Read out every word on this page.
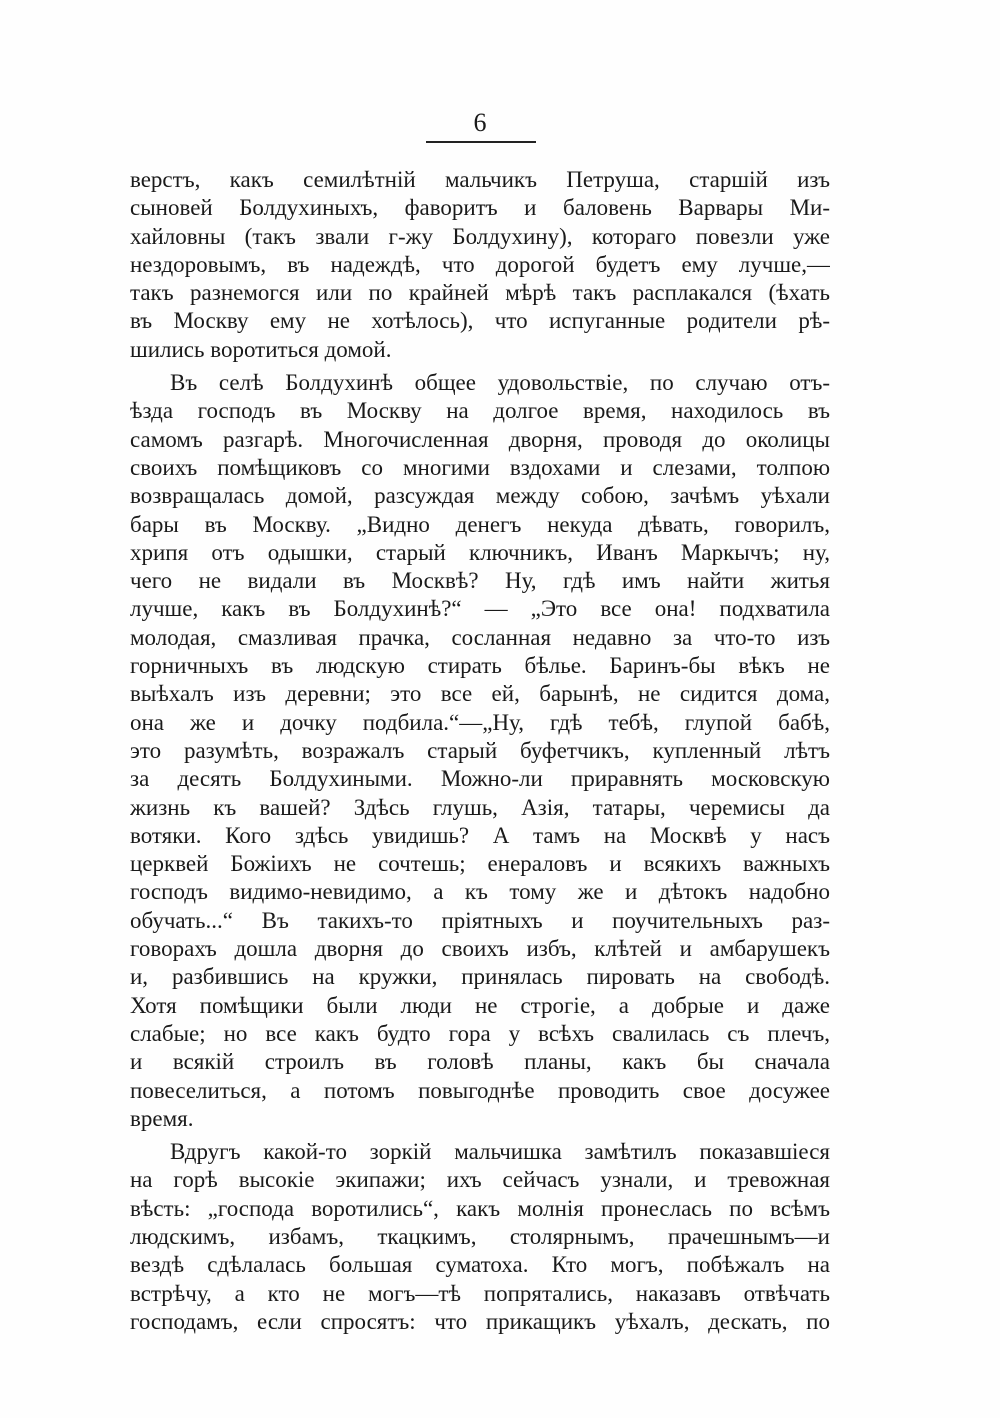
6
верстъ, какъ семилѣтній мальчикъ Петруша, старшій изъ
сыновей Болдухиныхъ, фаворитъ и баловень Варвары Ми-
хайловны (такъ звали г-жу Болдухину), котораго повезли уже
нездоровымъ, въ надеждѣ, что дорогой будетъ ему лучше,—
такъ разнемогся или по крайней мѣрѣ такъ расплакался (ѣхать
въ Москву ему не хотѣлось), что испуганные родители рѣ-
шились воротиться домой.
Въ селѣ Болдухинѣ общее удовольствіе, по случаю отъ-
ѣзда господъ въ Москву на долгое время, находилось въ
самомъ разгарѣ. Многочисленная дворня, проводя до околицы
своихъ помѣщиковъ со многими вздохами и слезами, толпою
возвращалась домой, разсуждая между собою, зачѣмъ уѣхали
бары въ Москву. „Видно денегъ некуда дѣвать, говорилъ,
хрипя отъ одышки, старый ключникъ, Иванъ Маркычъ; ну,
чего не видали въ Москвѣ? Ну, гдѣ имъ найти житья
лучше, какъ въ Болдухинѣ?“ — „Это все она! подхватила
молодая, смазливая прачка, сосланная недавно за что-то изъ
горничныхъ въ людскую стирать бѣлье. Баринъ-бы вѣкъ не
выѣхалъ изъ деревни; это все ей, барынѣ, не сидится дома,
она же и дочку подбила.“—„Ну, гдѣ тебѣ, глупой бабѣ,
это разумѣть, возражалъ старый буфетчикъ, купленный лѣтъ
за десять Болдухиными. Можно-ли приравнять московскую
жизнь къ вашей? Здѣсь глушь, Азія, татары, черемисы да
вотяки. Кого здѣсь увидишь? А тамъ на Москвѣ у насъ
церквей Божіихъ не сочтешь; енераловъ и всякихъ важныхъ
господъ видимо-невидимо, а къ тому же и дѣтокъ надобно
обучать...“ Въ такихъ-то пріятныхъ и поучительныхъ раз-
говорахъ дошла дворня до своихъ избъ, клѣтей и амбарушекъ
и, разбившись на кружки, принялась пировать на свободѣ.
Хотя помѣщики были люди не строгіе, а добрые и даже
слабые; но все какъ будто гора у всѣхъ свалилась съ плечъ,
и всякій строилъ въ головѣ планы, какъ бы сначала
повеселиться, а потомъ повыгоднѣе проводить свое досужее
время.
Вдругъ какой-то зоркій мальчишка замѣтилъ показавшіеся
на горѣ высокіе экипажи; ихъ сейчасъ узнали, и тревожная
вѣсть: „господа воротились“, какъ молнія пронеслась по всѣмъ
людскимъ, избамъ, ткацкимъ, столярнымъ, прачешнымъ—и
вездѣ сдѣлалась большая суматоха. Кто могъ, побѣжалъ на
встрѣчу, а кто не могъ—тѣ попрятались, наказавъ отвѣчать
господамъ, если спросятъ: что прикащикъ уѣхалъ, дескать, по
